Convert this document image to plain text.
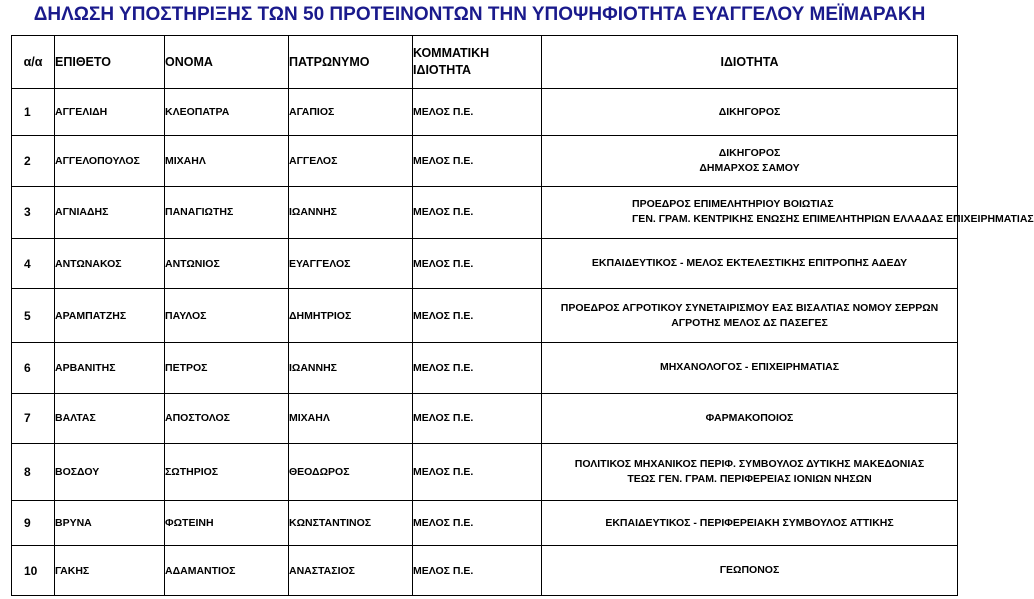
ΔΗΛΩΣΗ ΥΠΟΣΤΗΡΙΞΗΣ ΤΩΝ 50 ΠΡΟΤΕΙΝΟΝΤΩΝ ΤΗΝ ΥΠΟΨΗΦΙΟΤΗΤΑ ΕΥΑΓΓΕΛΟΥ ΜΕΪΜΑΡΑΚΗ
α/α	ΕΠΙΘΕΤΟ	ΟΝΟΜΑ	ΠΑΤΡΩΝΥΜΟ	ΚΟΜΜΑΤΙΚΗ
ΙΔΙΟΤΗΤΑ	ΙΔΙΟΤΗΤΑ
1	ΑΓΓΕΛΙΔΗ	ΚΛΕΟΠΑΤΡΑ	ΑΓΑΠΙΟΣ	ΜΕΛΟΣ Π.Ε.	ΔΙΚΗΓΟΡΟΣ

2	ΑΓΓΕΛΟΠΟΥΛΟΣ	ΜΙΧΑΗΛ	ΑΓΓΕΛΟΣ	ΜΕΛΟΣ Π.Ε.	ΔΙΚΗΓΟΡΟΣ
ΔΗΜΑΡΧΟΣ ΣΑΜΟΥ

3	ΑΓΝΙΑΔΗΣ	ΠΑΝΑΓΙΩΤΗΣ	ΙΩΑΝΝΗΣ	ΜΕΛΟΣ Π.Ε.	ΠΡΟΕΔΡΟΣ ΕΠΙΜΕΛΗΤΗΡΙΟΥ ΒΟΙΩΤΙΑΣ
ΓΕΝ. ΓΡΑΜ. ΚΕΝΤΡΙΚΗΣ ΕΝΩΣΗΣ ΕΠΙΜΕΛΗΤΗΡΙΩΝ ΕΛΛΑΔΑΣ ΕΠΙΧΕΙΡΗΜΑΤΙΑΣ

4	ΑΝΤΩΝΑΚΟΣ	ΑΝΤΩΝΙΟΣ	ΕΥΑΓΓΕΛΟΣ	ΜΕΛΟΣ Π.Ε.	ΕΚΠΑΙΔΕΥΤΙΚΟΣ - ΜΕΛΟΣ ΕΚΤΕΛΕΣΤΙΚΗΣ ΕΠΙΤΡΟΠΗΣ ΑΔΕΔΥ

5	ΑΡΑΜΠΑΤΖΗΣ	ΠΑΥΛΟΣ	ΔΗΜΗΤΡΙΟΣ	ΜΕΛΟΣ Π.Ε.	ΠΡΟΕΔΡΟΣ ΑΓΡΟΤΙΚΟΥ ΣΥΝΕΤΑΙΡΙΣΜΟΥ ΕΑΣ ΒΙΣΑΛΤΙΑΣ ΝΟΜΟΥ ΣΕΡΡΩΝ
ΑΓΡΟΤΗΣ ΜΕΛΟΣ ΔΣ ΠΑΣΕΓΕΣ

6	ΑΡΒΑΝΙΤΗΣ	ΠΕΤΡΟΣ	ΙΩΑΝΝΗΣ	ΜΕΛΟΣ Π.Ε.	ΜΗΧΑΝΟΛΟΓΟΣ - ΕΠΙΧΕΙΡΗΜΑΤΙΑΣ

7	ΒΑΛΤΑΣ	ΑΠΟΣΤΟΛΟΣ	ΜΙΧΑΗΛ	ΜΕΛΟΣ Π.Ε.	ΦΑΡΜΑΚΟΠΟΙΟΣ

8	ΒΟΣΔΟΥ	ΣΩΤΗΡΙΟΣ	ΘΕΟΔΩΡΟΣ	ΜΕΛΟΣ Π.Ε.	ΠΟΛΙΤΙΚΟΣ ΜΗΧΑΝΙΚΟΣ ΠΕΡΙΦ. ΣΥΜΒΟΥΛΟΣ ΔΥΤΙΚΗΣ ΜΑΚΕΔΟΝΙΑΣ
ΤΕΩΣ ΓΕΝ. ΓΡΑΜ. ΠΕΡΙΦΕΡΕΙΑΣ ΙΟΝΙΩΝ ΝΗΣΩΝ

9	ΒΡΥΝΑ	ΦΩΤΕΙΝΗ	ΚΩΝΣΤΑΝΤΙΝΟΣ	ΜΕΛΟΣ Π.Ε.	ΕΚΠΑΙΔΕΥΤΙΚΟΣ - ΠΕΡΙΦΕΡΕΙΑΚΗ ΣΥΜΒΟΥΛΟΣ ΑΤΤΙΚΗΣ

10	ΓΑΚΗΣ	ΑΔΑΜΑΝΤΙΟΣ	ΑΝΑΣΤΑΣΙΟΣ	ΜΕΛΟΣ Π.Ε.	ΓΕΩΠΟΝΟΣ
